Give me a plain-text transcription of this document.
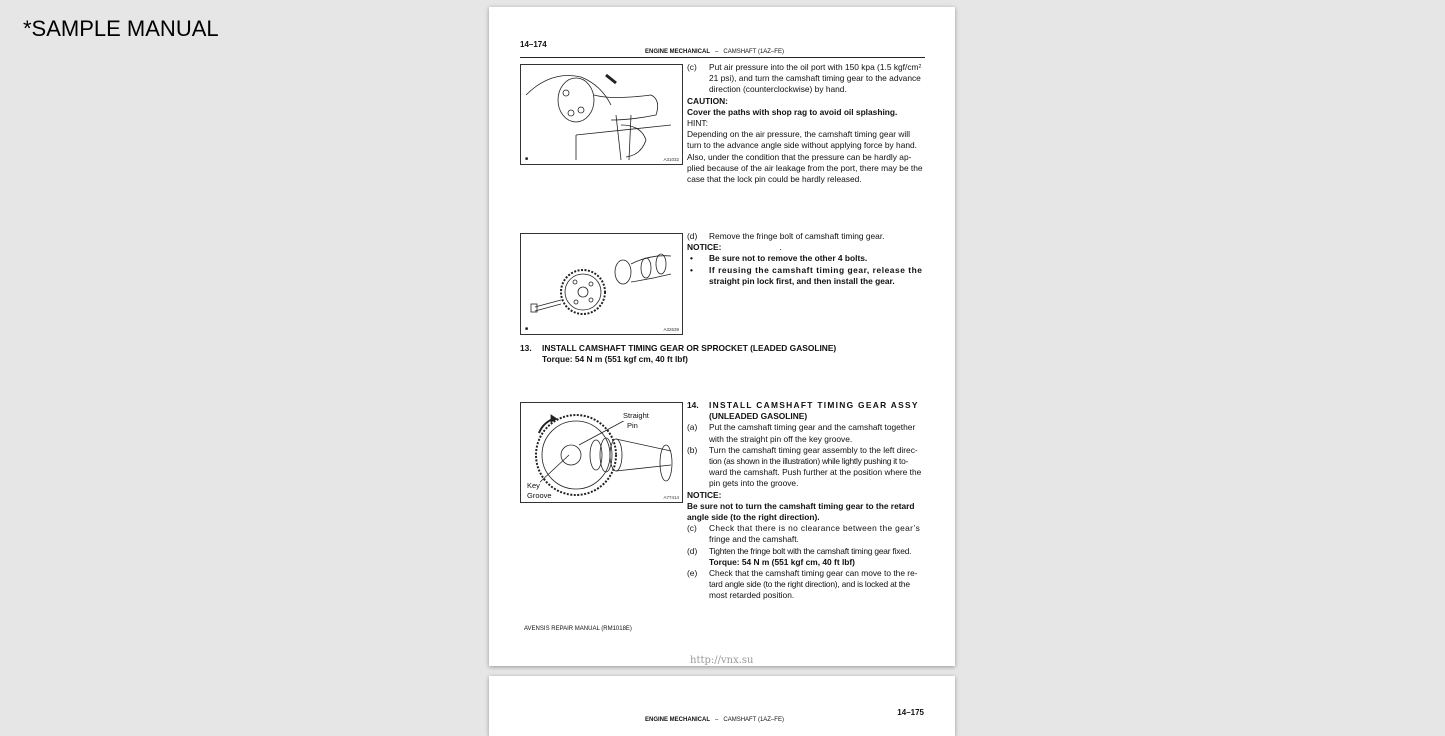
*SAMPLE MANUAL
14–174
ENGINE MECHANICAL – CAMSHAFT (1AZ–FE)
■	A31032
(c)	Put air pressure into the oil port with 150 kpa (1.5 kgf/cm 2
21 psi), and turn the camshaft timing gear to the advance
direction (counterclockwise) by hand.
CAUTION:
Cover the paths with shop rag to avoid oil splashing.
HINT:
Depending on the air pressure, the camshaft timing gear will
turn to the advance angle side without applying force by hand.
Also, under the condition that the pressure can be hardly ap-
plied because of the air leakage from the port, there may be the
case that the lock pin could be hardly released.
■	A32639
(d)	Remove the fringe bolt of camshaft timing gear.
NOTICE:	.
•	Be sure not to remove the other 4 bolts.
•	If reusing the camshaft timing gear, release the
straight pin lock first, and then install the gear.
13.	INSTALL CAMSHAFT TIMING GEAR OR SPROCKET (LEADED GASOLINE)
Torque: 54 N m (551 kgf cm, 40 ft lbf)
Straight
Pin
Key
Groove	A77414
14.	INSTALL CAMSHAFT TIMING GEAR ASSY
(UNLEADED GASOLINE)
(a)	Put the camshaft timing gear and the camshaft together
with the straight pin off the key groove.
(b)	Turn the camshaft timing gear assembly to the left direc-
tion (as shown in the illustration) while lightly pushing it to-
ward the camshaft. Push further at the position where the
pin gets into the groove.
NOTICE:
Be sure not to turn the camshaft timing gear to the retard
angle side (to the right direction).
(c)	Check that there is no clearance between the gear’s
fringe and the camshaft.
(d)	Tighten the fringe bolt with the camshaft timing gear fixed.
Torque: 54 N m (551 kgf cm, 40 ft lbf)
(e)	Check that the camshaft timing gear can move to the re-
tard angle side (to the right direction), and is locked at the
most retarded position.
AVENSIS REPAIR MANUAL (RM1018E)
http://vnx.su
14–175
ENGINE MECHANICAL – CAMSHAFT (1AZ–FE)
